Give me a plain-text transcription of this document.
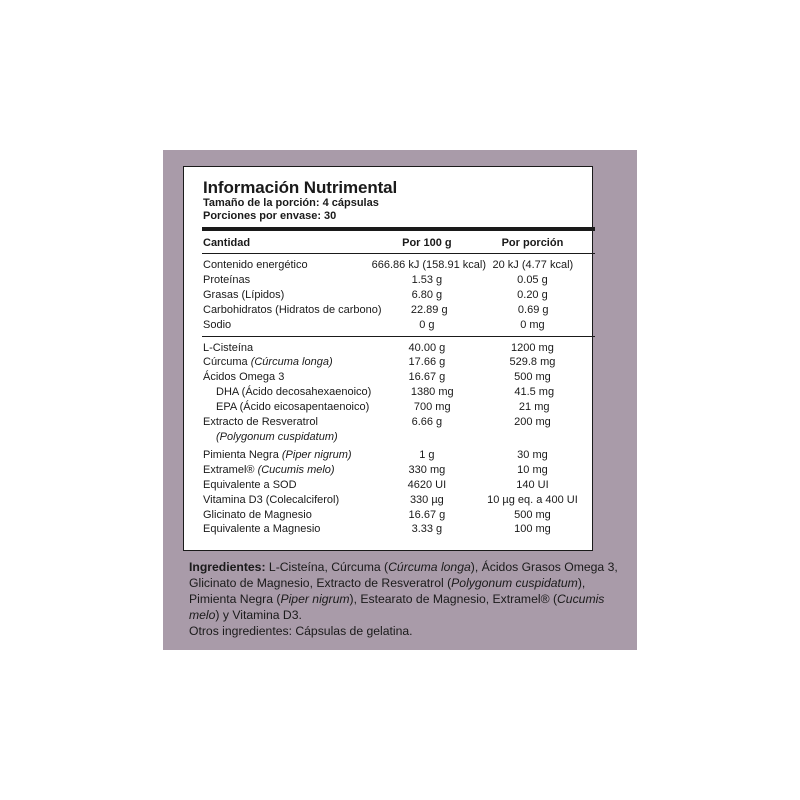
Información Nutrimental
Tamaño de la porción: 4 cápsulas
Porciones por envase: 30
Cantidad	Por 100 g	Por porción
Contenido energético	666.86 kJ (158.91 kcal) 20 kJ (4.77 kcal)
Proteínas	1.53 g	0.05 g
Grasas (Lípidos)	6.80 g	0.20 g
Carbohidratos (Hidratos de carbono)	22.89 g	0.69 g
Sodio	0 g	0 mg
L-Cisteína	40.00 g	1200 mg
Cúrcuma (Cúrcuma longa)	17.66 g	529.8 mg
Ácidos Omega 3	16.67 g	500 mg
DHA (Ácido decosahexaenoico)	1380 mg	41.5 mg
EPA (Ácido eicosapentaenoico)	700 mg	21 mg
Extracto de Resveratrol	6.66 g	200 mg
(Polygonum cuspidatum)
Pimienta Negra (Piper nigrum)	1 g	30 mg
Extramel® (Cucumis melo)	330 mg	10 mg
Equivalente a SOD	4620 UI	140 UI
Vitamina D3 (Colecalciferol)	330 µg	10 µg eq. a 400 UI
Glicinato de Magnesio	16.67 g	500 mg
Equivalente a Magnesio	3.33 g	100 mg
Ingredientes: L-Cisteína, Cúrcuma (Cúrcuma longa), Ácidos Grasos Omega 3, Glicinato de Magnesio, Extracto de Resveratrol (Polygonum cuspidatum), Pimienta Negra (Piper nigrum), Estearato de Magnesio, Extramel® (Cucumis melo) y Vitamina D3.
Otros ingredientes: Cápsulas de gelatina.
